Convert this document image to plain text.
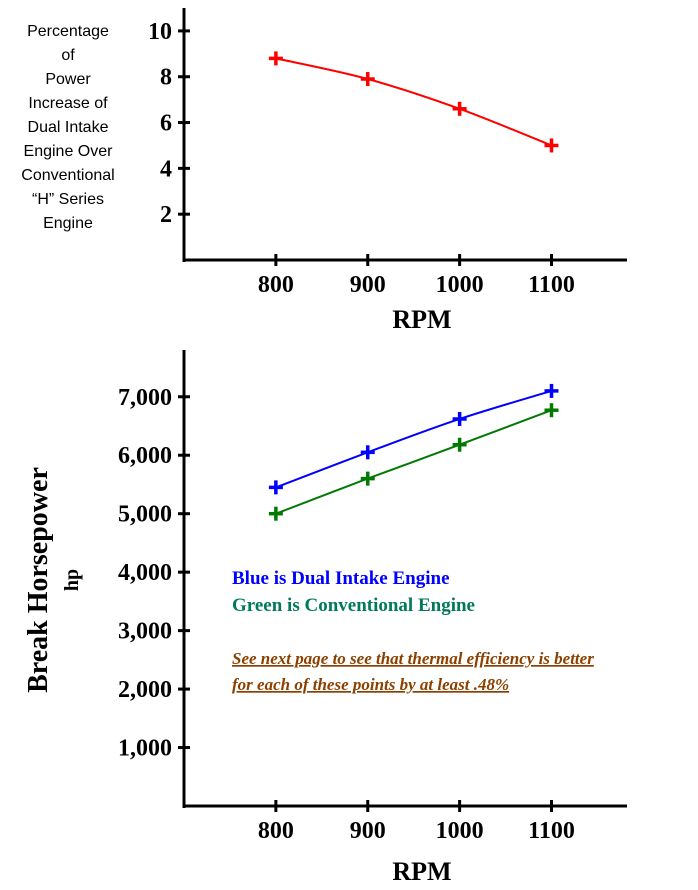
Percentage
of
Power
Increase of
Dual Intake
Engine Over
Conventional
“H” Series
Engine	2
4
6
8
10
800 900 1000 1100
RPM
1,000
2,000
3,000
4,000
5,000
6,000
7,000
800 900 1000 1100
RPM
Break Horsepower hp	Blue is Dual Intake Engine
Green is Conventional Engine
See next page to see that thermal efficiency is better
for each of these points by at least .48%
